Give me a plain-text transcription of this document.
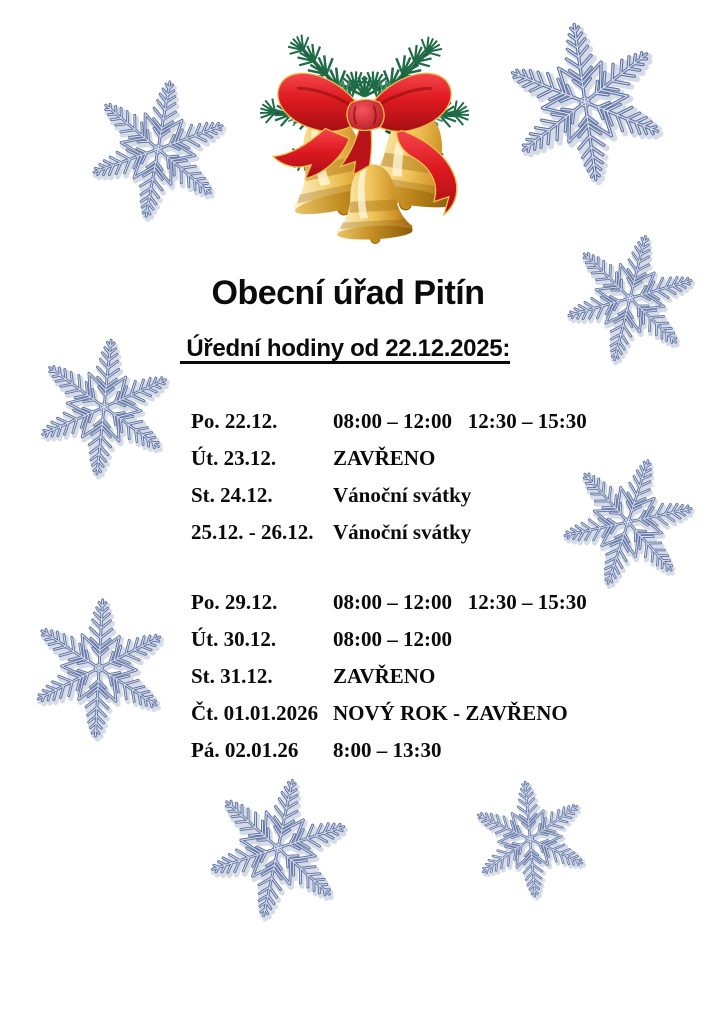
Obecní úřad Pitín
Úřední hodiny od 22.12.2025:
Po. 22.12.	08:00 – 12:00   12:30 – 15:30
Út. 23.12.	ZAVŘENO
St. 24.12.	Vánoční svátky
25.12. - 26.12. Vánoční svátky
Po. 29.12.	08:00 – 12:00   12:30 – 15:30
Út. 30.12.	08:00 – 12:00
St. 31.12.	ZAVŘENO
Čt. 01.01.2026 NOVÝ ROK - ZAVŘENO
Pá. 02.01.26 8:00 – 13:30
